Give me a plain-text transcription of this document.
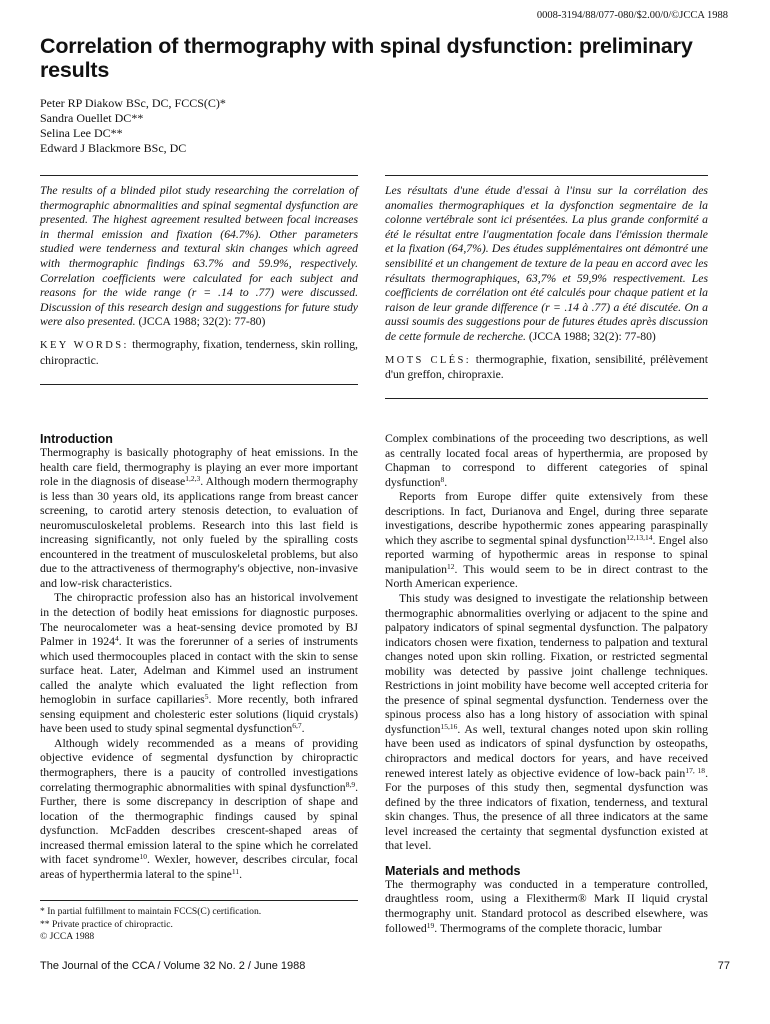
0008-3194/88/077-080/$2.00/0/©JCCA 1988
Correlation of thermography with spinal dysfunction: preliminary results
Peter RP Diakow BSc, DC, FCCS(C)*
Sandra Ouellet DC**
Selina Lee DC**
Edward J Blackmore BSc, DC

The results of a blinded pilot study researching the correlation of thermographic abnormalities and spinal segmental dysfunction are presented. The highest agreement resulted between focal increases in thermal emission and fixation (64.7%). Other parameters studied were tenderness and textural skin changes which agreed with thermographic findings 63.7% and 59.9%, respectively. Correlation coefficients were calculated for each subject and reasons for the wide range (r = .14 to .77) were discussed. Discussion of this research design and suggestions for future study were also presented. (JCCA 1988; 32(2): 77-80)

KEY WORDS: thermography, fixation, tenderness, skin rolling, chiropractic.

Les résultats d'une étude d'essai à l'insu sur la corrélation des anomalies thermographiques et la dysfonction segmentaire de la colonne vertébrale sont ici présentées. La plus grande conformité a été le résultat entre l'augmentation focale dans l'émission thermale et la fixation (64,7%). Des études supplémentaires ont démontré une sensibilité et un changement de texture de la peau en accord avec les résultats thermographiques, 63,7% et 59,9% respectivement. Les coefficients de corrélation ont été calculés pour chaque patient et la raison de leur grande difference (r = .14 à .77) a été discutée. On a aussi soumis des suggestions pour de futures études après discussion de cette formule de recherche. (JCCA 1988; 32(2): 77-80)

MOTS CLÉS: thermographie, fixation, sensibilité, prélèvement d'un greffon, chiropraxie.

Introduction

Thermography is basically photography of heat emissions. In the health care field, thermography is playing an ever more important role in the diagnosis of disease$^{1,2,3}$. Although modern thermography is less than 30 years old, its applications range from breast cancer screening, to carotid artery stenosis detection, to evaluation of neuromusculoskeletal problems. Research into this last field is increasing significantly, not only fueled by the spiralling costs encountered in the treatment of musculoskeletal problems, but also due to the attractiveness of thermography's objective, non-invasive and low-risk characteristics.

The chiropractic profession also has an historical involvement in the detection of bodily heat emissions for diagnostic purposes. The neurocalometer was a heat-sensing device promoted by BJ Palmer in 1924$^4$. It was the forerunner of a series of instruments which used thermocouples placed in contact with the skin to sense surface heat. Later, Adelman and Kimmel used an instrument called the analyte which evaluated the light reflection from hemoglobin in surface capillaries$^5$. More recently, both infrared sensing equipment and cholesteric ester solutions (liquid crystals) have been used to study spinal segmental dysfunction$^{6,7}$.

Although widely recommended as a means of providing objective evidence of segmental dysfunction by chiropractic thermographers, there is a paucity of controlled investigations correlating thermographic abnormalities with spinal dysfunction$^{8,9}$. Further, there is some discrepancy in description of shape and location of the thermographic findings caused by spinal dysfunction. McFadden describes crescent-shaped areas of increased thermal emission lateral to the spine which he correlated with facet syndrome$^{10}$. Wexler, however, describes circular, focal areas of hyperthermia lateral to the spine$^{11}$.

Complex combinations of the proceeding two descriptions, as well as centrally located focal areas of hyperthermia, are proposed by Chapman to correspond to different categories of spinal dysfunction$^8$.

Reports from Europe differ quite extensively from these descriptions. In fact, Durianova and Engel, during three separate investigations, describe hypothermic zones appearing paraspinally which they ascribe to segmental spinal dysfunction$^{12,13,14}$. Engel also reported warming of hypothermic areas in response to spinal manipulation$^{12}$. This would seem to be in direct contrast to the North American experience.

This study was designed to investigate the relationship between thermographic abnormalities overlying or adjacent to the spine and palpatory indicators of spinal segmental dysfunction. The palpatory indicators chosen were fixation, tenderness to palpation and textural changes noted upon skin rolling. Fixation, or restricted segmental mobility was detected by passive joint challenge techniques. Restrictions in joint mobility have become well accepted criteria for the presence of spinal segmental dysfunction. Tenderness over the spinous process also has a long history of association with spinal dysfunction$^{15,16}$. As well, textural changes noted upon skin rolling have been used as indicators of spinal dysfunction by osteopaths, chiropractors and medical doctors for years, and have received renewed interest lately as objective evidence of low-back pain$^{17, 18}$. For the purposes of this study then, segmental dysfunction was defined by the three indicators of fixation, tenderness, and textural skin changes. Thus, the presence of all three indicators at the same level increased the certainty that segmental dysfunction existed at that level.

Materials and methods

The thermography was conducted in a temperature controlled, draughtless room, using a Flexitherm® Mark II liquid crystal thermography unit. Standard protocol as described elsewhere, was followed$^{19}$. Thermograms of the complete thoracic, lumbar

* In partial fulfillment to maintain FCCS(C) certification.
** Private practice of chiropractic.
© JCCA 1988
The Journal of the CCA / Volume 32 No. 2 / June 1988	77
